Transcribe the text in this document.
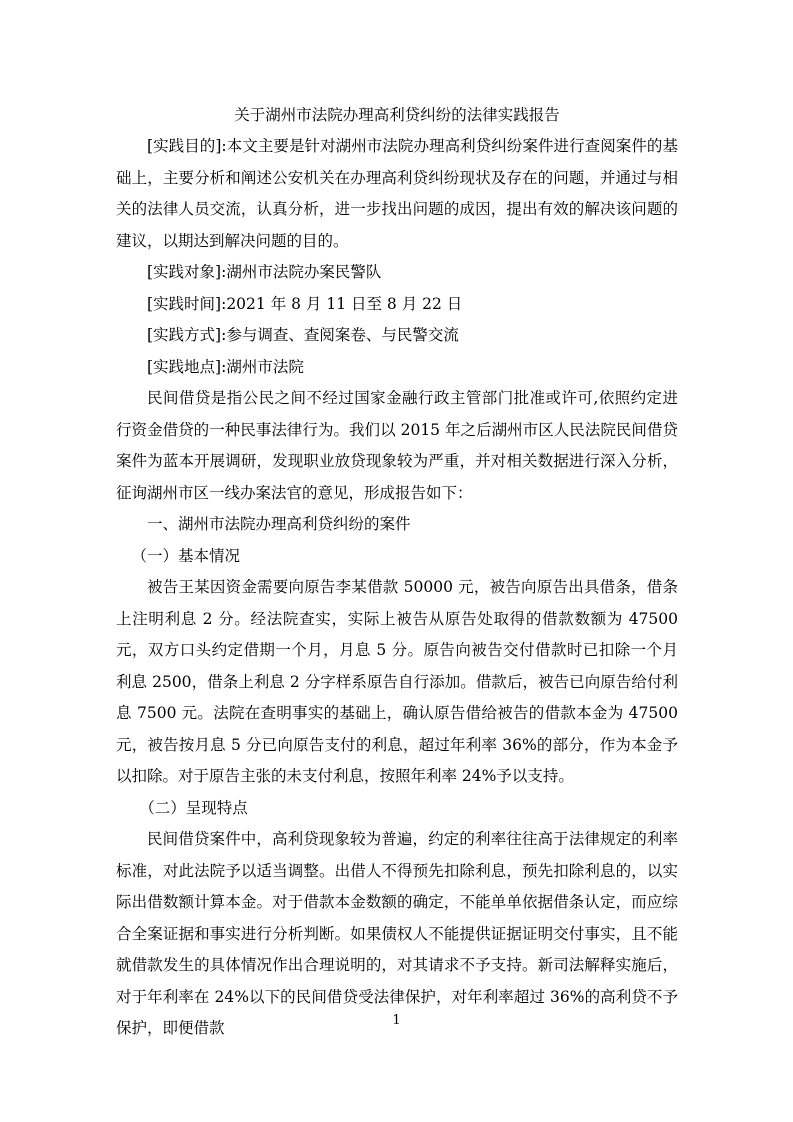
关于湖州市法院办理高利贷纠纷的法律实践报告

[实践目的]:本文主要是针对湖州市法院办理高利贷纠纷案件进行查阅案件的基础上，主要分析和阐述公安机关在办理高利贷纠纷现状及存在的问题，并通过与相关的法律人员交流，认真分析，进一步找出问题的成因，提出有效的解决该问题的建议，以期达到解决问题的目的。

[实践对象]:湖州市法院办案民警队

[实践时间]:2021 年 8 月 11 日至 8 月 22 日

[实践方式]:参与调查、查阅案卷、与民警交流

[实践地点]:湖州市法院

民间借贷是指公民之间不经过国家金融行政主管部门批准或许可,依照约定进行资金借贷的一种民事法律行为。我们以 2015 年之后湖州市区人民法院民间借贷案件为蓝本开展调研，发现职业放贷现象较为严重，并对相关数据进行深入分析，征询湖州市区一线办案法官的意见，形成报告如下：

一、湖州市法院办理高利贷纠纷的案件

（一）基本情况

被告王某因资金需要向原告李某借款 50000 元，被告向原告出具借条，借条上注明利息 2 分。经法院查实，实际上被告从原告处取得的借款数额为 47500 元，双方口头约定借期一个月，月息 5 分。原告向被告交付借款时已扣除一个月利息 2500，借条上利息 2 分字样系原告自行添加。借款后，被告已向原告给付利息 7500 元。法院在查明事实的基础上，确认原告借给被告的借款本金为 47500 元，被告按月息 5 分已向原告支付的利息，超过年利率 36%的部分，作为本金予以扣除。对于原告主张的未支付利息，按照年利率 24%予以支持。

（二）呈现特点

民间借贷案件中，高利贷现象较为普遍，约定的利率往往高于法律规定的利率标准，对此法院予以适当调整。出借人不得预先扣除利息，预先扣除利息的，以实际出借数额计算本金。对于借款本金数额的确定，不能单单依据借条认定，而应综合全案证据和事实进行分析判断。如果债权人不能提供证据证明交付事实，且不能就借款发生的具体情况作出合理说明的，对其请求不予支持。新司法解释实施后，对于年利率在 24%以下的民间借贷受法律保护，对年利率超过 36%的高利贷不予保护，即便借款	1
